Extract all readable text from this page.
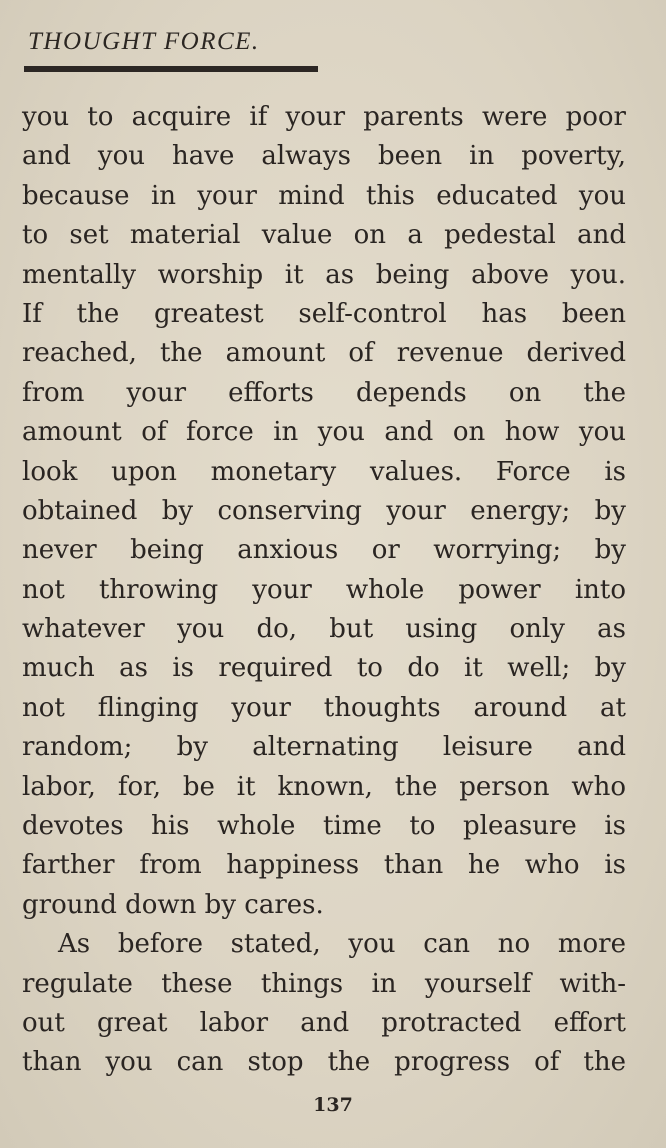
THOUGHT FORCE.
you to acquire if your parents were poor
and you have always been in poverty,
because in your mind this educated you
to set material value on a pedestal and
mentally worship it as being above you.
If the greatest self-control has been
reached, the amount of revenue derived
from your efforts depends on the
amount of force in you and on how you
look upon monetary values. Force is
obtained by conserving your energy; by
never being anxious or worrying; by
not throwing your whole power into
whatever you do, but using only as
much as is required to do it well; by
not flinging your thoughts around at
random; by alternating leisure and
labor, for, be it known, the person who
devotes his whole time to pleasure is
farther from happiness than he who is
ground down by cares.
As before stated, you can no more
regulate these things in yourself with-
out great labor and protracted effort
than you can stop the progress of the
137
